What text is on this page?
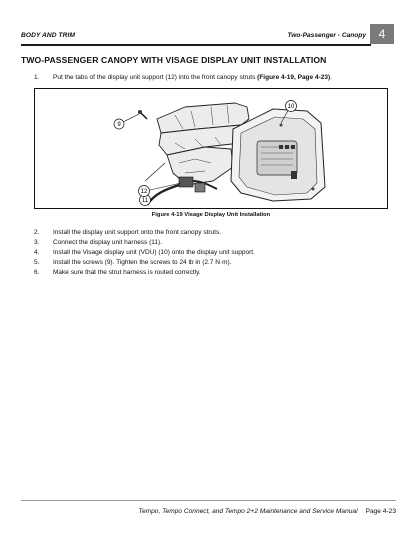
BODY AND TRIM	Two-Passenger - Canopy 4
TWO-PASSENGER CANOPY WITH VISAGE DISPLAY UNIT INSTALLATION
1. Put the tabs of the display unit support (12) into the front canopy struts (Figure 4-19, Page 4-23).
9
10
11
12
Figure 4-19 Visage Display Unit Installation
2. Install the display unit support onto the front canopy struts.
3. Connect the display unit harness (11).
4. Install the Visage display unit (VDU) (10) onto the display unit support.
5. Install the screws (9). Tighten the screws to 24 lb in (2.7 N·m).
6. Make sure that the strut harness is routed correctly.
Tempo, Tempo Connect, and Tempo 2+2 Maintenance and Service Manual Page 4-23
